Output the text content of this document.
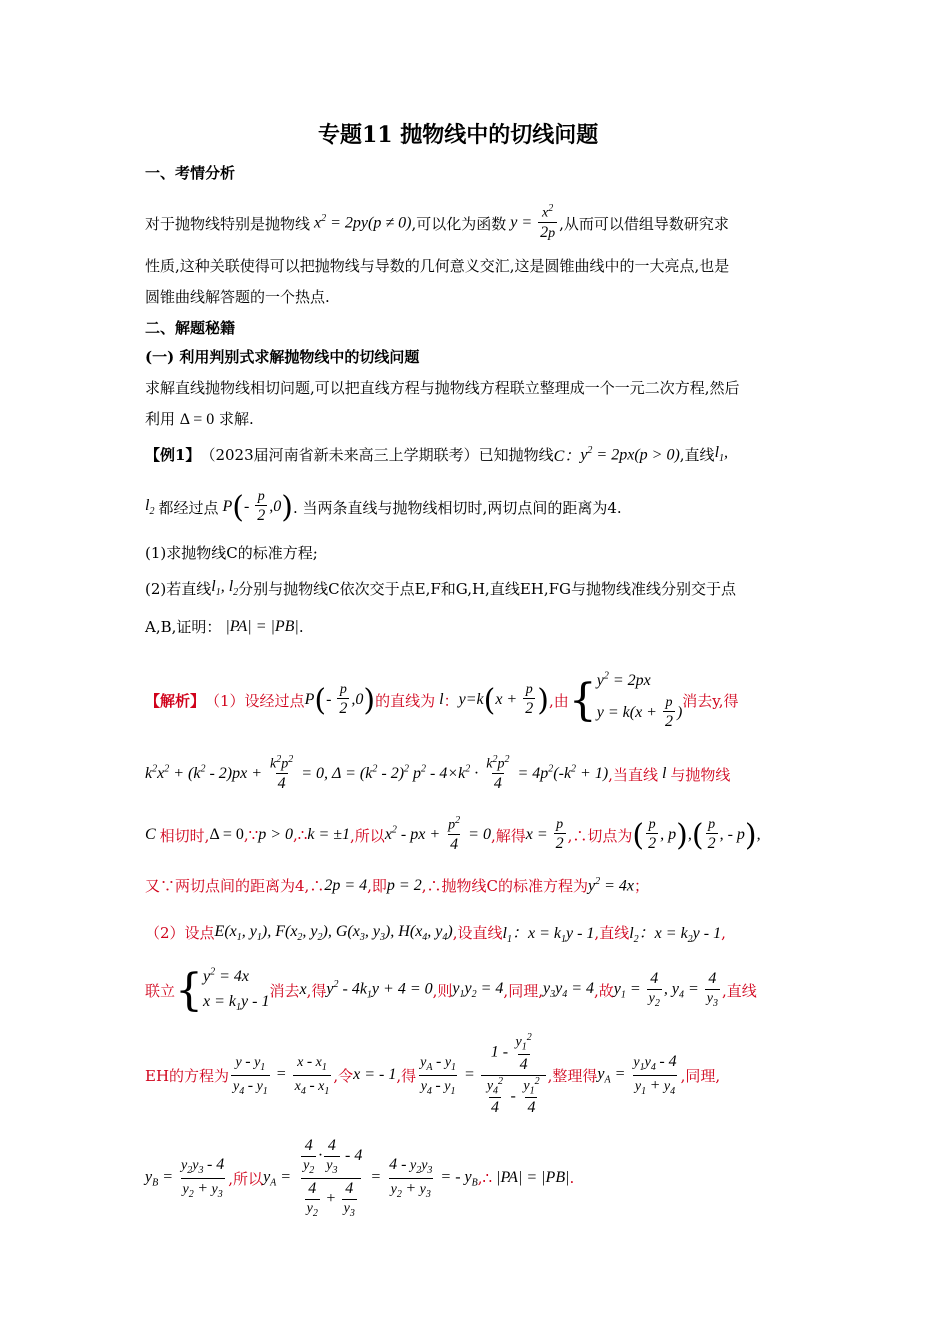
专题11 抛物线中的切线问题
一、考情分析
对于抛物线特别是抛物线 $x^2 = 2py(p \ne 0)$ ,可以化为函数 $y = \frac{x^2}{2p}$ ,从而可以借组导数研究求
性质,这种关联使得可以把抛物线与导数的几何意义交汇,这是圆锥曲线中的一大亮点,也是
圆锥曲线解答题的一个热点.
二、解题秘籍
(一) 利用判别式求解抛物线中的切线问题
求解直线抛物线相切问题,可以把直线方程与抛物线方程联立整理成一个一元二次方程,然后
利用 Δ = 0 求解.
【例1】 （2023届河南省新未来高三上学期联考）已知抛物线 C： $y^2 = 2px(p > 0)$ ,直线 $l_1$,
$l_2$ 都经过点 $P(- \frac{p}{2} ,0)$ . 当两条直线与抛物线相切时,两切点间的距离为4.
(1)求抛物线C的标准方程;
(2)若直线 $l_1$, $l_2$ 分别与抛物线C依次交于点E,F和G,H,直线EH,FG与抛物线准线分别交于点
A,B,证明： |PA| = |PB| .
【解析】 （1）设经过点 $P(- \frac{p}{2} ,0)$ 的直线为 l ： $y=k(x + \frac{p}{2}$ ) ,由 { $y^2 = 2px$
$y = k(x + \frac{p}{2}$ )
消去y,得
$k^2x^2 + (k^2 - 2)px + \frac{k^2p^2}{4} = 0$, $\Delta = (k^2 - 2)^2$ $p^2 - 4\times k^2 \cdot \frac{k^2p^2}{4} = 4p^2(-k^2 + 1)$ ,当直线 l 与抛物线
C 相切时, Δ = 0 , ∵ p > 0 , ∴ k = ±1 ,所以 $x^2$ - px + $\frac{p^2}{4} = 0$ ,解得 $x = \frac{p}{2}$ ,∴切点为 ( $\frac{p}{2}$ , $p),( \frac{p}{2}$ , - p),
又∵两切点间的距离为4,∴ 2p = 4 ,即 p = 2 ,∴抛物线C的标准方程为 $y^2 = 4x$ ；
（2）设点 $E(x_1$, $y_1$), $F(x_2$, $y_2$), $G(x_3$, $y_3$), $H(x_4$, $y_4$) ,设直线 $l_1$：$x = k_1y - 1$ ,直线 $l_2$：$x = k_2y - 1$ ,
联立 { $y^2 = 4x$
$x = k_1y - 1$
消去 x ,得 $y^2 - 4k_1y + 4 = 0$ ,则 $y_1y_2 = 4$ ,同理, $y_3y_4 = 4$ ,故 $y_1 = \frac{4}{y_2}$ , $y_4 = \frac{4}{y_3}$ ,直线
EH的方程为 $\frac{y - y_1}{y_4 - y_1} = \frac{x - x_1}{x_4 - x_1}$ ,令 x = - 1 ,得 $\frac{y_A - y_1}{y_4 - y_1} = \frac{1 - \frac{y_1^2}{4}}{\frac{y_4^2}{4} - \frac{y_1^2}{4}}$ ,整理得 $y_A = \frac{y_1y_4 - 4}{y_1 + y_4}$ ,同理,
$y_B = \frac{y_2y_3 - 4}{y_2 + y_3}$ ,所以 $y_A = \frac{\frac{4}{y_2} \cdot \frac{4}{y_3} - 4}{\frac{4}{y_2} + \frac{4}{y_3}} = \frac{4 - y_2y_3}{y_2 + y_3}$ = - $y_B$ ,∴ |PA| = |PB| .
